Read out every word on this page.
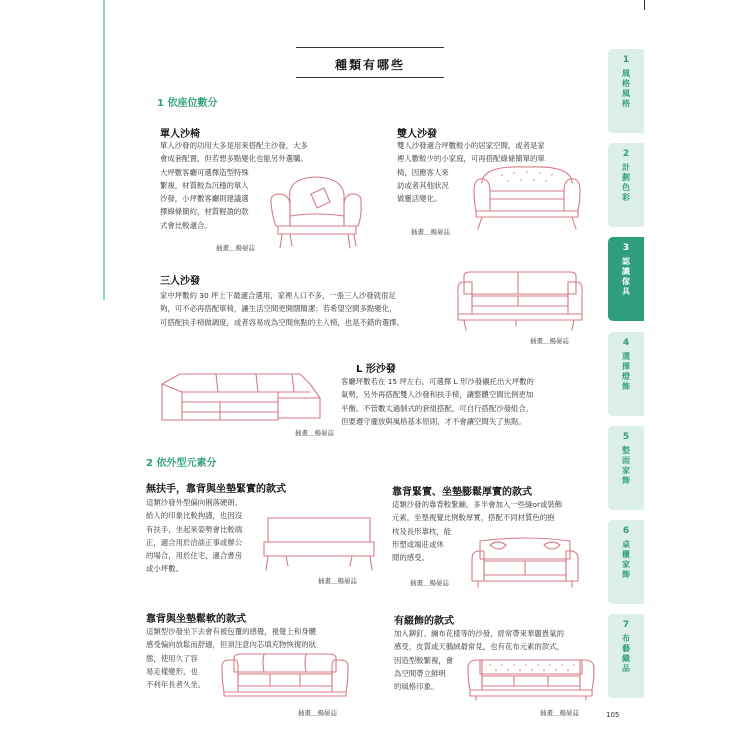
種類有哪些
1 依座位數分
單人沙椅
單人沙發的功用大多是用來搭配主沙發，大多
會成套配置，但若想多點變化也能另外選購。
大坪數客廳可選擇造型特殊
繁複，材質較為沉穩的單人
沙發，小坪數客廳則建議選
擇線條簡約，材質輕盈的款
式會比較適合。
插畫＿楊晏誌
雙人沙發
雙人沙發適合坪數較小的居家空間，或者是家
裡人數較少的小家庭，可再搭配綠條簡單的單
椅，因應客人來
訪或者其他狀況
做靈活變化。
插畫＿楊晏誌
三人沙發
家中坪數約 30 坪上下最適合選用，家裡人口不多，一張三人沙發就很足
夠，可不必再搭配單椅，讓生活空間更開闊簡潔；若希望空間多點變化，
可搭配扶手椅做調度，或者容易成為空間焦點的主人椅，也是不錯的選擇。
插畫＿楊晏誌
L 形沙發
客廳坪數若在 15 坪左右，可選擇 L 形沙發襯托出大坪數的
氣勢，另外再搭配雙人沙發和扶手椅，讓整體空間比例更加
平衡。不管數太過制式的套組搭配，可自行搭配沙發組合，
但要遵守擺放與風格基本原則，才不會讓空間失了焦點。
插畫＿楊晏誌
2 依外型元素分
無扶手，靠背與坐墊緊實的款式
這類沙發外型偏向俐落硬朗，
給人的印象比較拘謹，也因沒
有扶手，坐起來姿勢會比較端
正，適合用於洽談正事或辦公
的場合，用於住宅，適合書房
或小坪數。
插畫＿楊晏誌
靠背緊實、坐墊膨鬆厚實的款式
這類沙發的靠背較緊繃，多半會加入一些縫or或裝飾
元素，坐墊視覺比例較厚實，搭配不同材質色的抱
枕及長形靠枕，能
形塑或端莊或休
閒的感受。
插畫＿楊晏誌
靠背與坐墊鬆軟的款式
這類型沙發坐下去會有被包覆的感覺，視覺上和身體
感受偏向放鬆而舒適，但須注意內芯填充物恢復的狀
態，使用久了容
易走樣變形，也
不利年長者久坐。
插畫＿楊晏誌
有綴飾的款式
加入鉚釘、繃布花樣等的沙發，經常帶來華麗貴氣的
感受，皮質或天鵝絨最常見，也有花布元素的款式，
因造型較繁複，會
為空間帶立鮮明
的風格印象。
插畫＿楊晏誌
1
風格風格
2
計劃色彩
3
認識傢具
4
選擇燈飾
5
整面家飾
6
桌櫃家飾
7
布藝織品
105
